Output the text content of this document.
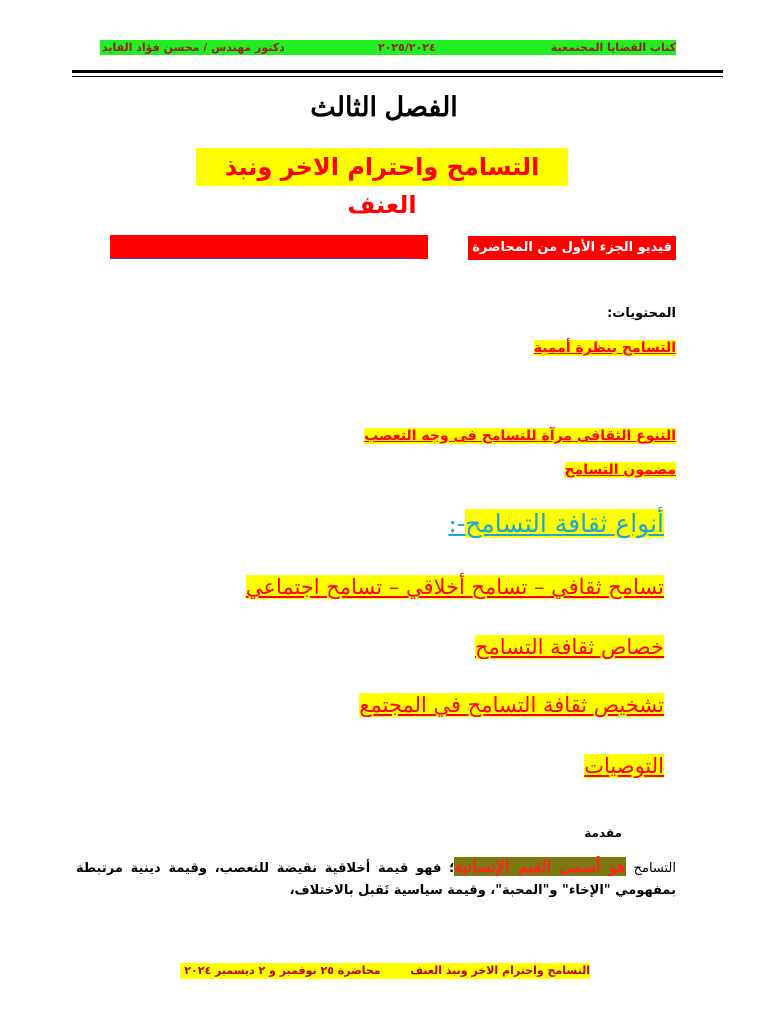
كتاب القضايا المجتمعية
٢٠٢٥/٢٠٢٤
دكتور مهندس / محسن فؤاد القايد
الفصل الثالث
التسامح واحترام الاخر ونبذ العنف
فيديو الجزء الأول من المحاضرة
المحتويات:
التسامح بنظرة أممية
التنوع الثقافى مرآة للتسامح فى وجه التعصب
مضمون التسامح
أنواع ثقافة التسامح-:
تسامح ثقافي – تسامح أخلاقي – تسامح اجتماعي
خصاص ثقافة التسامح
تشخيص ثقافة التسامح في المجتمع
التوصيات
مقدمة
التسامح هو أسمى القيم الإنسانية؛ فهو قيمة أخلاقية نقيضة للتعصب، وقيمة دينية مرتبطة بمفهومي "الإخاء" و"المحبة"، وقيمة سياسية تَقبل بالاختلاف،
التسامح واحترام الاخر ونبذ العنف  محاضرة ٢٥ نوفمبر و ٢ ديسمبر ٢٠٢٤
